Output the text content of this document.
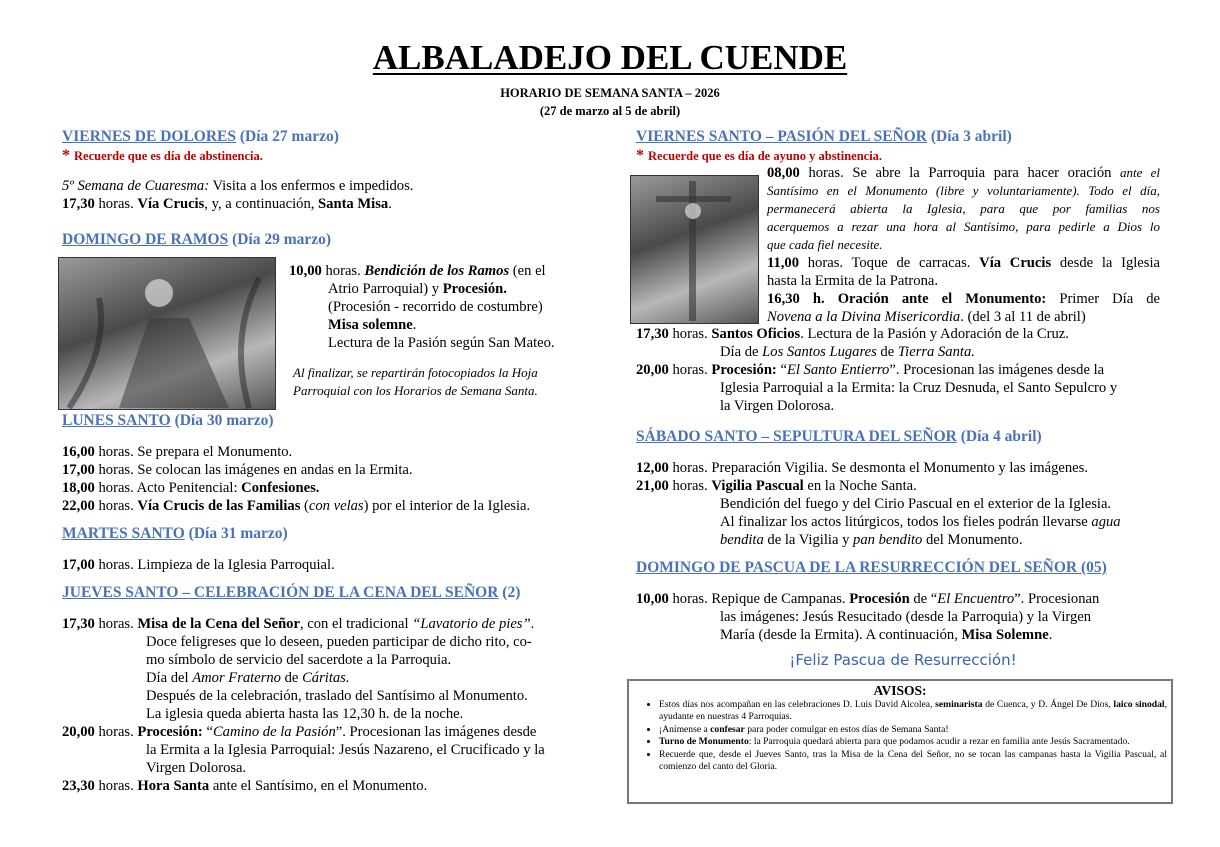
ALBALADEJO DEL CUENDE
HORARIO DE SEMANA SANTA – 2026
(27 de marzo al 5 de abril)
VIERNES DE DOLORES (Día 27 marzo)
* Recuerde que es día de abstinencia.
5º Semana de Cuaresma: Visita a los enfermos e impedidos.
17,30 horas. Vía Crucis, y, a continuación, Santa Misa.
DOMINGO DE RAMOS (Día 29 marzo)
10,00 horas. Bendición de los Ramos (en el
Atrio Parroquial) y Procesión.
(Procesión - recorrido de costumbre)
Misa solemne.
Lectura de la Pasión según San Mateo.
Al finalizar, se repartirán fotocopiados la Hoja
Parroquial con los Horarios de Semana Santa.
LUNES SANTO (Día 30 marzo)
16,00 horas. Se prepara el Monumento.
17,00 horas. Se colocan las imágenes en andas en la Ermita.
18,00 horas. Acto Penitencial: Confesiones.
22,00 horas. Vía Crucis de las Familias (con velas) por el interior de la Iglesia.
MARTES SANTO (Día 31 marzo)
17,00 horas. Limpieza de la Iglesia Parroquial.
JUEVES SANTO – CELEBRACIÓN DE LA CENA DEL SEÑOR (2)
17,30 horas. Misa de la Cena del Señor, con el tradicional “Lavatorio de pies”.
Doce feligreses que lo deseen, pueden participar de dicho rito, co-
mo símbolo de servicio del sacerdote a la Parroquia.
Día del Amor Fraterno de Cáritas.
Después de la celebración, traslado del Santísimo al Monumento.
La iglesia queda abierta hasta las 12,30 h. de la noche.
20,00 horas. Procesión: “Camino de la Pasión”. Procesionan las imágenes desde
la Ermita a la Iglesia Parroquial: Jesús Nazareno, el Crucificado y la
Virgen Dolorosa.
23,30 horas. Hora Santa ante el Santísimo, en el Monumento.
VIERNES SANTO – PASIÓN DEL SEÑOR (Día 3 abril)
* Recuerde que es día de ayuno y abstinencia.
08,00 horas. Se abre la Parroquia para hacer oración ante el
Santísimo en el Monumento (libre y voluntariamente). Todo el día,
permanecerá abierta la Iglesia, para que por familias nos
acerquemos a rezar una hora al Santísimo, para pedirle a Dios lo
que cada fiel necesite.
11,00 horas. Toque de carracas. Vía Crucis desde la Iglesia
hasta la Ermita de la Patrona.
16,30 h. Oración ante el Monumento: Primer Día de
Novena a la Divina Misericordia. (del 3 al 11 de abril)
17,30 horas. Santos Oficios. Lectura de la Pasión y Adoración de la Cruz.
Día de Los Santos Lugares de Tierra Santa.
20,00 horas. Procesión: “El Santo Entierro”. Procesionan las imágenes desde la
Iglesia Parroquial a la Ermita: la Cruz Desnuda, el Santo Sepulcro y
la Virgen Dolorosa.
SÁBADO SANTO – SEPULTURA DEL SEÑOR (Día 4 abril)
12,00 horas. Preparación Vigilia. Se desmonta el Monumento y las imágenes.
21,00 horas. Vigilia Pascual en la Noche Santa.
Bendición del fuego y del Cirio Pascual en el exterior de la Iglesia.
Al finalizar los actos litúrgicos, todos los fieles podrán llevarse agua
bendita de la Vigilia y pan bendito del Monumento.
DOMINGO DE PASCUA DE LA RESURRECCIÓN DEL SEÑOR (05)
10,00 horas. Repique de Campanas. Procesión de “El Encuentro”. Procesionan
las imágenes: Jesús Resucitado (desde la Parroquia) y la Virgen
María (desde la Ermita). A continuación, Misa Solemne.
¡Feliz Pascua de Resurrección!
AVISOS:
• Estos días nos acompañan en las celebraciones D. Luis David Alcolea, seminarista de Cuenca, y D. Ángel De Dios, laico sinodal, ayudante en nuestras 4 Parroquias.
• ¡Anímense a confesar para poder comulgar en estos días de Semana Santa!
• Turno de Monumento: la Parroquia quedará abierta para que podamos acudir a rezar en familia ante Jesús Sacramentado.
• Recuerde que, desde el Jueves Santo, tras la Misa de la Cena del Señor, no se tocan las campanas hasta la Vigilia Pascual, al comienzo del canto del Gloria.
